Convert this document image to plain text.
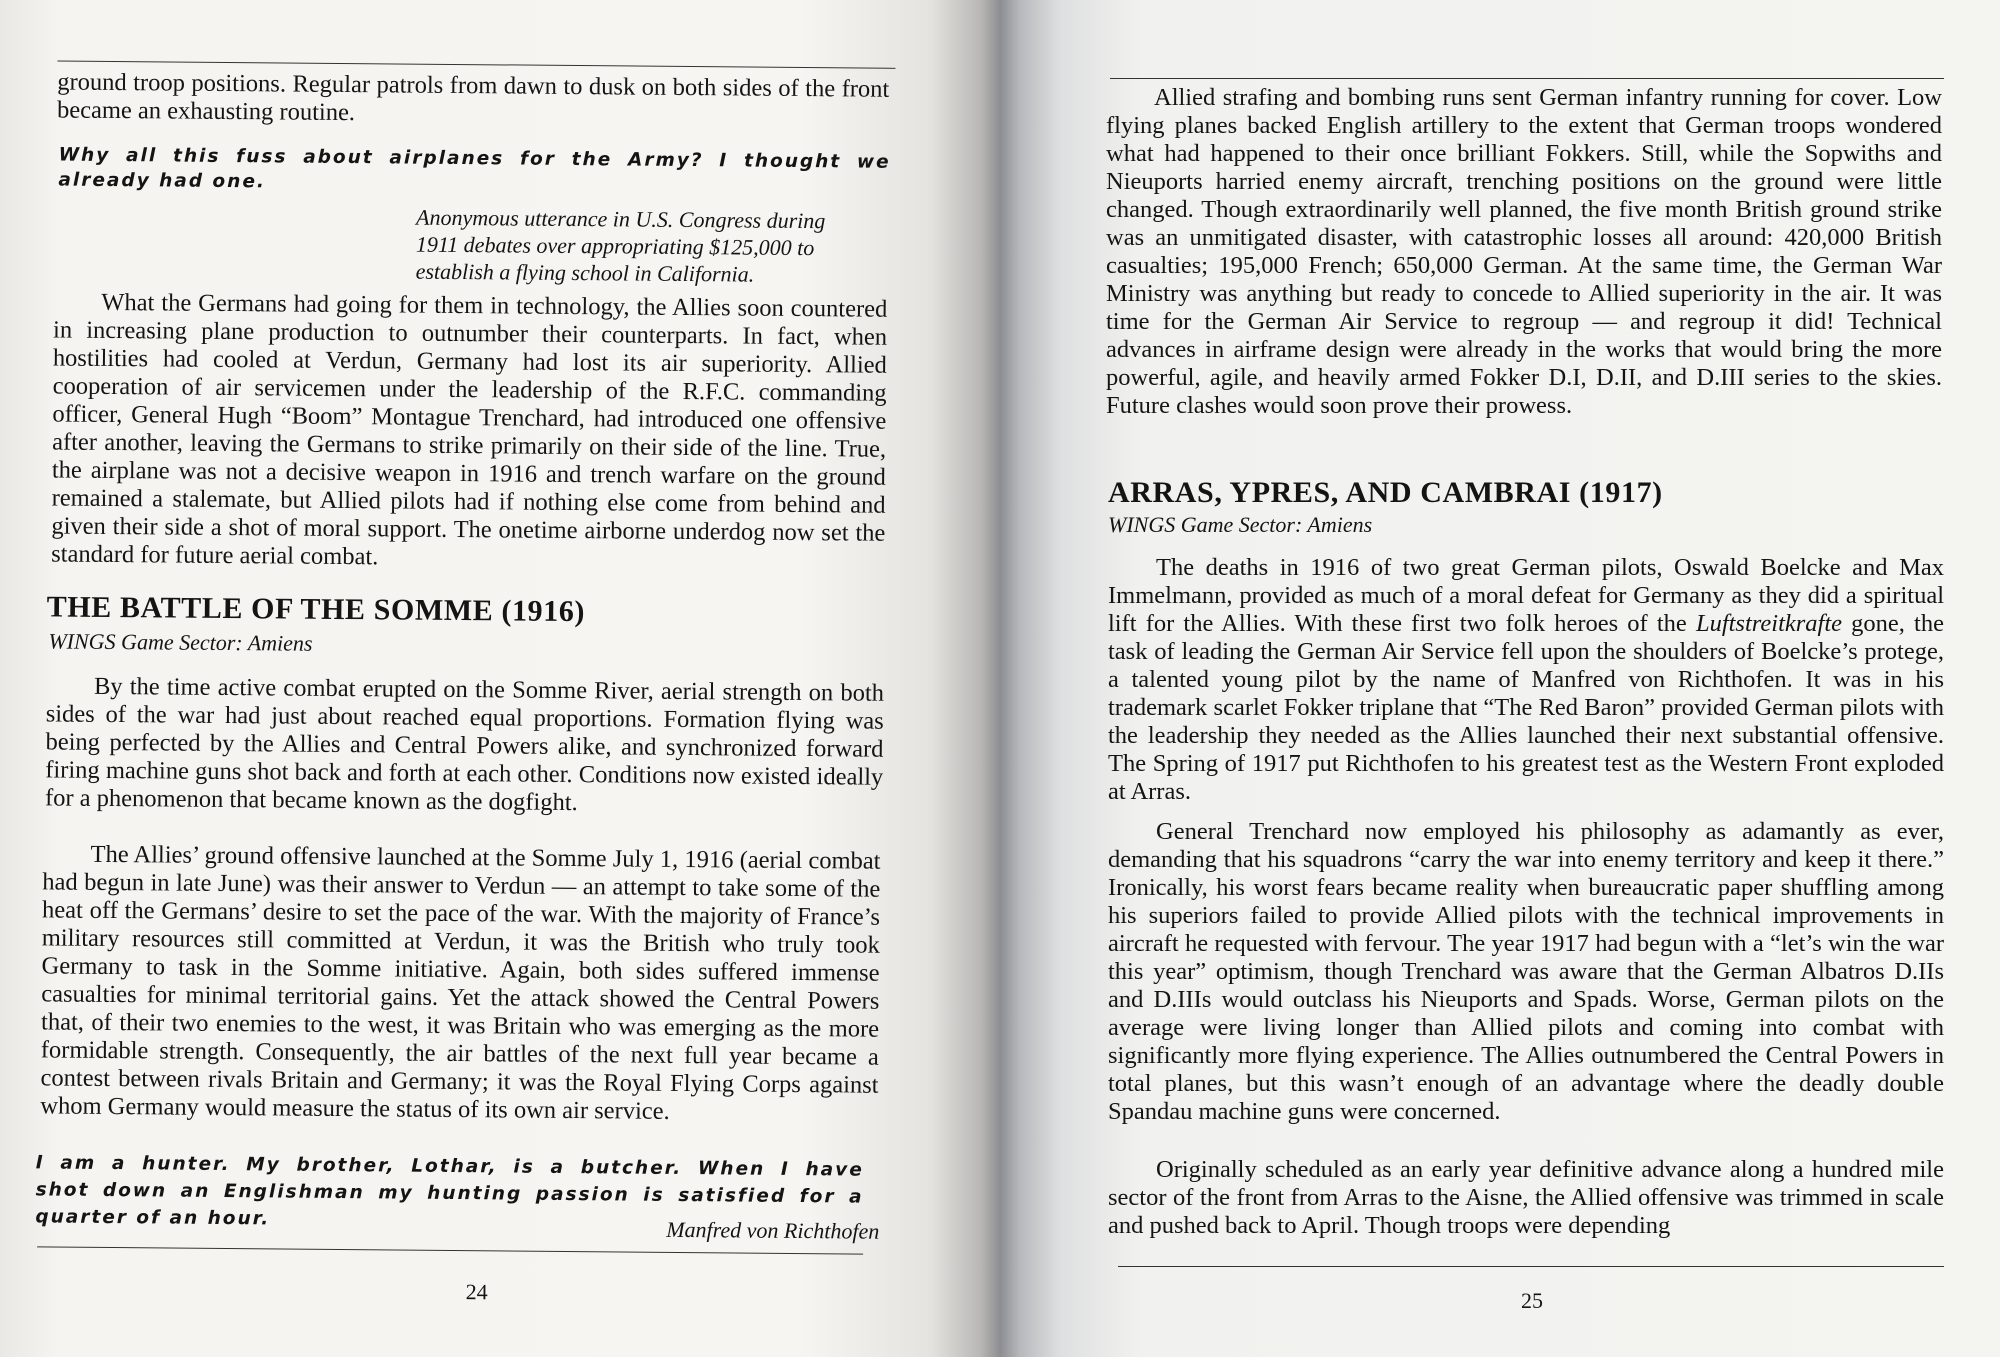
ground troop positions. Regular patrols from dawn to dusk on both sides of the front became an exhausting routine.

Why all this fuss about airplanes for the Army? I thought we
already had one.
Anonymous utterance in U.S. Congress during
1911 debates over appropriating $125,000 to
establish a flying school in California.

What the Germans had going for them in technology, the Allies soon countered in increasing plane production to outnumber their counterparts. In fact, when hostilities had cooled at Verdun, Germany had lost its air superiority. Allied cooperation of air servicemen under the leadership of the R.F.C. commanding officer, General Hugh “Boom” Montague Trenchard, had introduced one offensive after another, leaving the Germans to strike primarily on their side of the line. True, the airplane was not a decisive weapon in 1916 and trench warfare on the ground remained a stalemate, but Allied pilots had if nothing else come from behind and given their side a shot of moral support. The onetime airborne underdog now set the standard for future aerial combat.

THE BATTLE OF THE SOMME (1916)
WINGS Game Sector: Amiens

By the time active combat erupted on the Somme River, aerial strength on both sides of the war had just about reached equal proportions. Formation flying was being perfected by the Allies and Central Powers alike, and synchronized forward firing machine guns shot back and forth at each other. Conditions now existed ideally for a phenomenon that became known as the dogfight.

The Allies’ ground offensive launched at the Somme July 1, 1916 (aerial combat had begun in late June) was their answer to Verdun — an attempt to take some of the heat off the Germans’ desire to set the pace of the war. With the majority of France’s military resources still committed at Verdun, it was the British who truly took Germany to task in the Somme initiative. Again, both sides suffered immense casualties for minimal territorial gains. Yet the attack showed the Central Powers that, of their two enemies to the west, it was Britain who was emerging as the more formidable strength. Consequently, the air battles of the next full year became a contest between rivals Britain and Germany; it was the Royal Flying Corps against whom Germany would measure the status of its own air service.

I am a hunter. My brother, Lothar, is a butcher. When I have
shot down an Englishman my hunting passion is satisfied for a
quarter of an hour.	Manfred von Richthofen
24

Allied strafing and bombing runs sent German infantry running for cover. Low flying planes backed English artillery to the extent that German troops wondered what had happened to their once brilliant Fokkers. Still, while the Sopwiths and Nieuports harried enemy aircraft, trenching positions on the ground were little changed. Though extraordinarily well planned, the five month British ground strike was an unmitigated disaster, with catastrophic losses all around: 420,000 British casualties; 195,000 French; 650,000 German. At the same time, the German War Ministry was anything but ready to concede to Allied superiority in the air. It was time for the German Air Service to regroup — and regroup it did! Technical advances in airframe design were already in the works that would bring the more powerful, agile, and heavily armed Fokker D.I, D.II, and D.III series to the skies. Future clashes would soon prove their prowess.

ARRAS, YPRES, AND CAMBRAI (1917)
WINGS Game Sector: Amiens

The deaths in 1916 of two great German pilots, Oswald Boelcke and Max Immelmann, provided as much of a moral defeat for Germany as they did a spiritual lift for the Allies. With these first two folk heroes of the Luftstreitkrafte gone, the task of leading the German Air Service fell upon the shoulders of Boelcke’s protege, a talented young pilot by the name of Manfred von Richthofen. It was in his trademark scarlet Fokker triplane that “The Red Baron” provided German pilots with the leadership they needed as the Allies launched their next substantial offensive. The Spring of 1917 put Richthofen to his greatest test as the Western Front exploded at Arras.

General Trenchard now employed his philosophy as adamantly as ever, demanding that his squadrons “carry the war into enemy territory and keep it there.” Ironically, his worst fears became reality when bureaucratic paper shuffling among his superiors failed to provide Allied pilots with the technical improvements in aircraft he requested with fervour. The year 1917 had begun with a “let’s win the war this year” optimism, though Trenchard was aware that the German Albatros D.IIs and D.IIIs would outclass his Nieuports and Spads. Worse, German pilots on the average were living longer than Allied pilots and coming into combat with significantly more flying experience. The Allies outnumbered the Central Powers in total planes, but this wasn’t enough of an advantage where the deadly double Spandau machine guns were concerned.

Originally scheduled as an early year definitive advance along a hundred mile sector of the front from Arras to the Aisne, the Allied offensive was trimmed in scale and pushed back to April. Though troops were depending

25
